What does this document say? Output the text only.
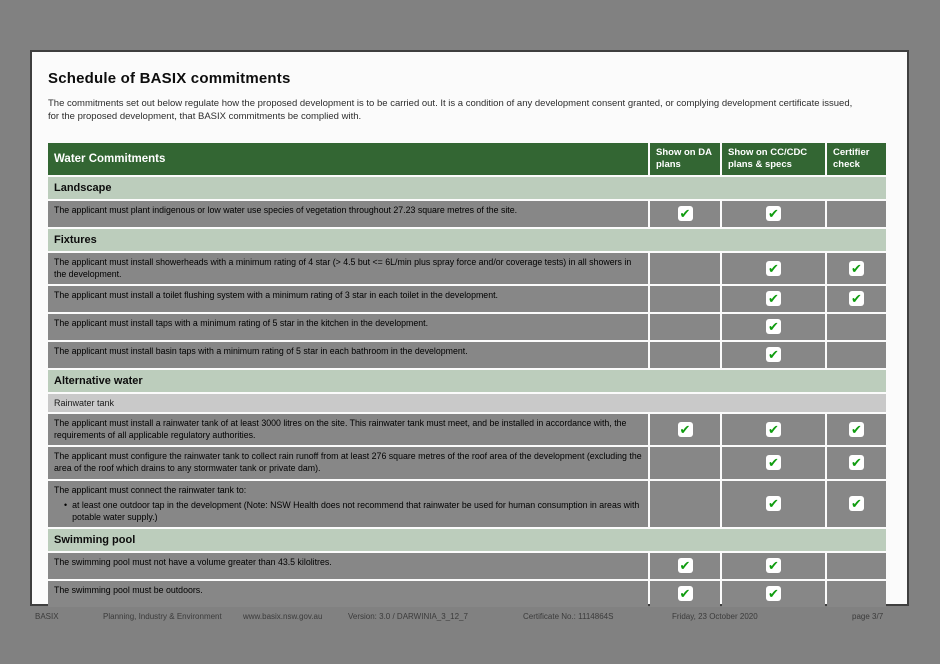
Schedule of BASIX commitments

The commitments set out below regulate how the proposed development is to be carried out. It is a condition of any development consent granted, or complying development certificate issued, for the proposed development, that BASIX commitments be complied with.

Water Commitments	Show on DA plans	Show on CC/CDC plans & specs	Certifier check
Landscape			

The applicant must plant indigenous or low water use species of vegetation throughout 27.23 square metres of the site.	✔	✔	
Fixtures			

The applicant must install showerheads with a minimum rating of 4 star (> 4.5 but <= 6L/min plus spray force and/or coverage tests) in all showers in the development.		✔	✔

The applicant must install a toilet flushing system with a minimum rating of 3 star in each toilet in the development.		✔	✔

The applicant must install taps with a minimum rating of 5 star in the kitchen in the development.		✔	

The applicant must install basin taps with a minimum rating of 5 star in each bathroom in the development.		✔	
Alternative water			
Rainwater tank			

The applicant must install a rainwater tank of at least 3000 litres on the site. This rainwater tank must meet, and be installed in accordance with, the requirements of all applicable regulatory authorities.	✔	✔	✔

The applicant must configure the rainwater tank to collect rain runoff from at least 276 square metres of the roof area of the development (excluding the area of the roof which drains to any stormwater tank or private dam).		✔	✔

The applicant must connect the rainwater tank to:
• at least one outdoor tap in the development (Note: NSW Health does not recommend that rainwater be used for human consumption in areas with potable water supply.)		✔	✔
Swimming pool			

The swimming pool must not have a volume greater than 43.5 kilolitres.	✔	✔	

The swimming pool must be outdoors.	✔	✔	
BASIX	Planning, Industry & Environment	www.basix.nsw.gov.au	Version: 3.0 / DARWINIA_3_12_7	Certificate No.: 1114864S	Friday, 23 October 2020	page 3/7
